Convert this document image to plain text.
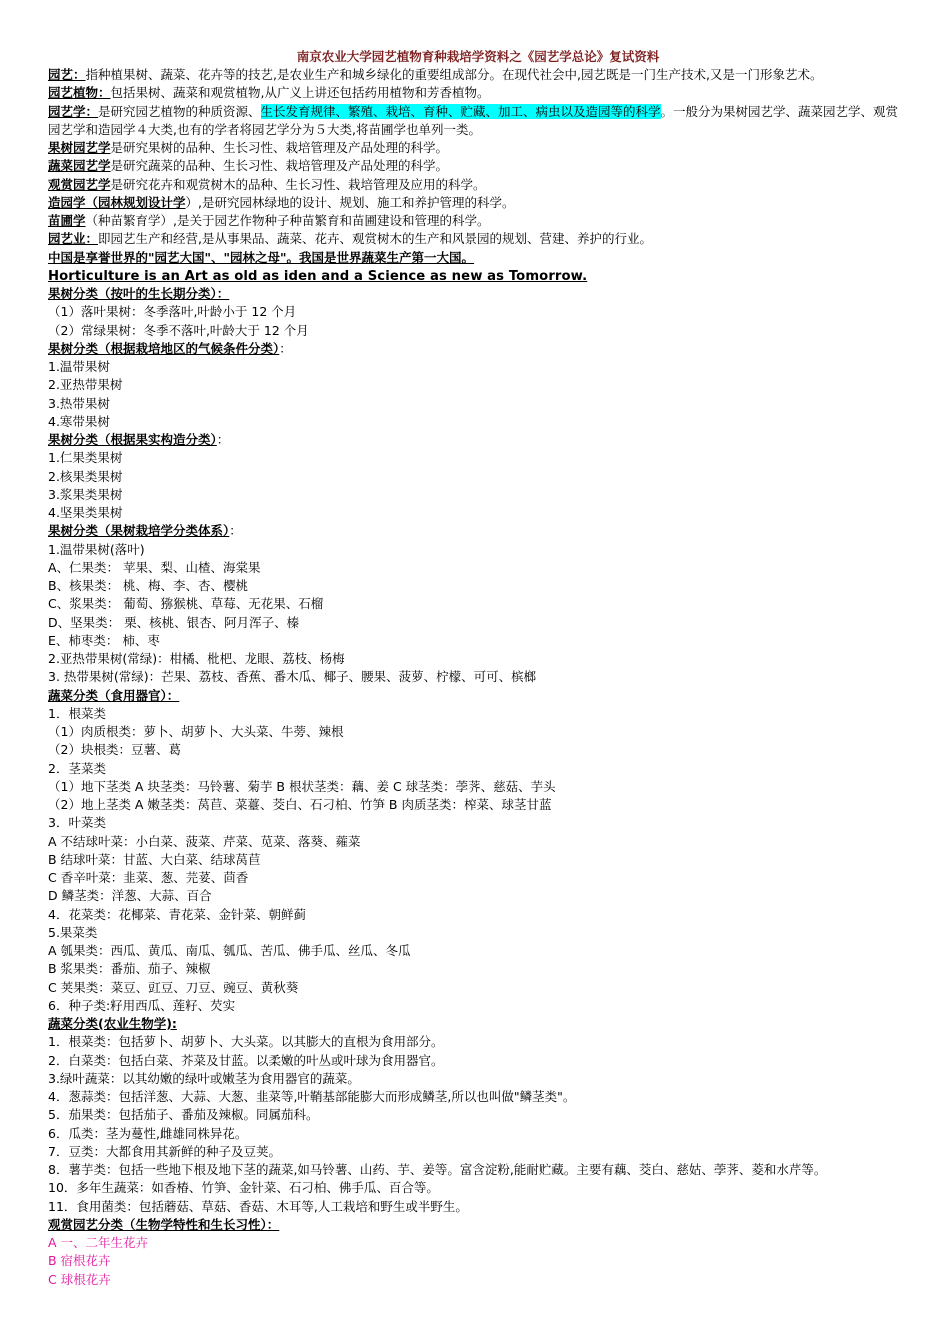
南京农业大学园艺植物育种栽培学资料之《园艺学总论》复试资料
园艺：指种植果树、蔬菜、花卉等的技艺,是农业生产和城乡绿化的重要组成部分。在现代社会中,园艺既是一门生产技术,又是一门形象艺术。
园艺植物：包括果树、蔬菜和观赏植物,从广义上讲还包括药用植物和芳香植物。
园艺学：是研究园艺植物的种质资源、生长发育规律、繁殖、栽培、育种、贮藏、加工、病虫以及造园等的科学。一般分为果树园艺学、蔬菜园艺学、观赏园艺学和造园学４大类,也有的学者将园艺学分为５大类,将苗圃学也单列一类。
果树园艺学是研究果树的品种、生长习性、栽培管理及产品处理的科学。
蔬菜园艺学是研究蔬菜的品种、生长习性、栽培管理及产品处理的科学。
观赏园艺学是研究花卉和观赏树木的品种、生长习性、栽培管理及应用的科学。
造园学（园林规划设计学）,是研究园林绿地的设计、规划、施工和养护管理的科学。
苗圃学（种苗繁育学）,是关于园艺作物种子种苗繁育和苗圃建设和管理的科学。
园艺业：即园艺生产和经营,是从事果品、蔬菜、花卉、观赏树木的生产和风景园的规划、营建、养护的行业。
中国是享誉世界的"园艺大国"、"园林之母"。我国是世界蔬菜生产第一大国。
Horticulture is an Art as old as iden and a Science as new as Tomorrow.
果树分类（按叶的生长期分类）：
（1）落叶果树：冬季落叶,叶龄小于 12 个月
（2）常绿果树：冬季不落叶,叶龄大于 12 个月
果树分类（根据栽培地区的气候条件分类）：
1.温带果树
2.亚热带果树
3.热带果树
4.寒带果树
果树分类（根据果实构造分类）：
1.仁果类果树
2.核果类果树
3.浆果类果树
4.坚果类果树
果树分类（果树栽培学分类体系）：
1.温带果树(落叶)
A、仁果类： 苹果、梨、山楂、海棠果
B、核果类： 桃、梅、李、杏、樱桃
C、浆果类： 葡萄、猕猴桃、草莓、无花果、石榴
D、坚果类： 栗、核桃、银杏、阿月浑子、榛
E、柿枣类： 柿、枣
2.亚热带果树(常绿)：柑橘、枇杷、龙眼、荔枝、杨梅
3. 热带果树(常绿)：芒果、荔枝、香蕉、番木瓜、椰子、腰果、菠萝、柠檬、可可、槟榔
蔬菜分类（食用器官）：
1．根菜类
（1）肉质根类：萝卜、胡萝卜、大头菜、牛蒡、辣根
（2）块根类：豆薯、葛
2．茎菜类
（1）地下茎类 A 块茎类：马铃薯、菊芋 B 根状茎类：藕、姜 C 球茎类：荸荠、慈菇、芋头
（2）地上茎类 A 嫩茎类：莴苣、菜薹、茭白、石刁柏、竹笋 B 肉质茎类：榨菜、球茎甘蓝
3．叶菜类
A 不结球叶菜：小白菜、菠菜、芹菜、苋菜、落葵、蕹菜
B 结球叶菜：甘蓝、大白菜、结球莴苣
C 香辛叶菜：韭菜、葱、芫荽、茴香
D 鳞茎类：洋葱、大蒜、百合
4．花菜类：花椰菜、青花菜、金针菜、朝鲜蓟
5.果菜类
A 瓠果类：西瓜、黄瓜、南瓜、瓠瓜、苦瓜、佛手瓜、丝瓜、冬瓜
B 浆果类：番茄、茄子、辣椒
C 荚果类：菜豆、豇豆、刀豆、豌豆、黄秋葵
6．种子类:籽用西瓜、莲籽、芡实
蔬菜分类(农业生物学):
1．根菜类：包括萝卜、胡萝卜、大头菜。以其膨大的直根为食用部分。
2．白菜类：包括白菜、芥菜及甘蓝。以柔嫩的叶丛或叶球为食用器官。
3.绿叶蔬菜：以其幼嫩的绿叶或嫩茎为食用器官的蔬菜。
4．葱蒜类：包括洋葱、大蒜、大葱、韭菜等,叶鞘基部能膨大而形成鳞茎,所以也叫做"鳞茎类"。
5．茄果类：包括茄子、番茄及辣椒。同属茄科。
6．瓜类：茎为蔓性,雌雄同株异花。
7．豆类：大都食用其新鲜的种子及豆荚。
8．薯芋类：包括一些地下根及地下茎的蔬菜,如马铃薯、山药、芋、姜等。富含淀粉,能耐贮藏。主要有藕、茭白、慈姑、荸荠、菱和水芹等。
10．多年生蔬菜：如香椿、竹笋、金针菜、石刁柏、佛手瓜、百合等。
11．食用菌类：包括蘑菇、草菇、香菇、木耳等,人工栽培和野生或半野生。
观赏园艺分类（生物学特性和生长习性）：
A 一、二年生花卉
B 宿根花卉
C 球根花卉
